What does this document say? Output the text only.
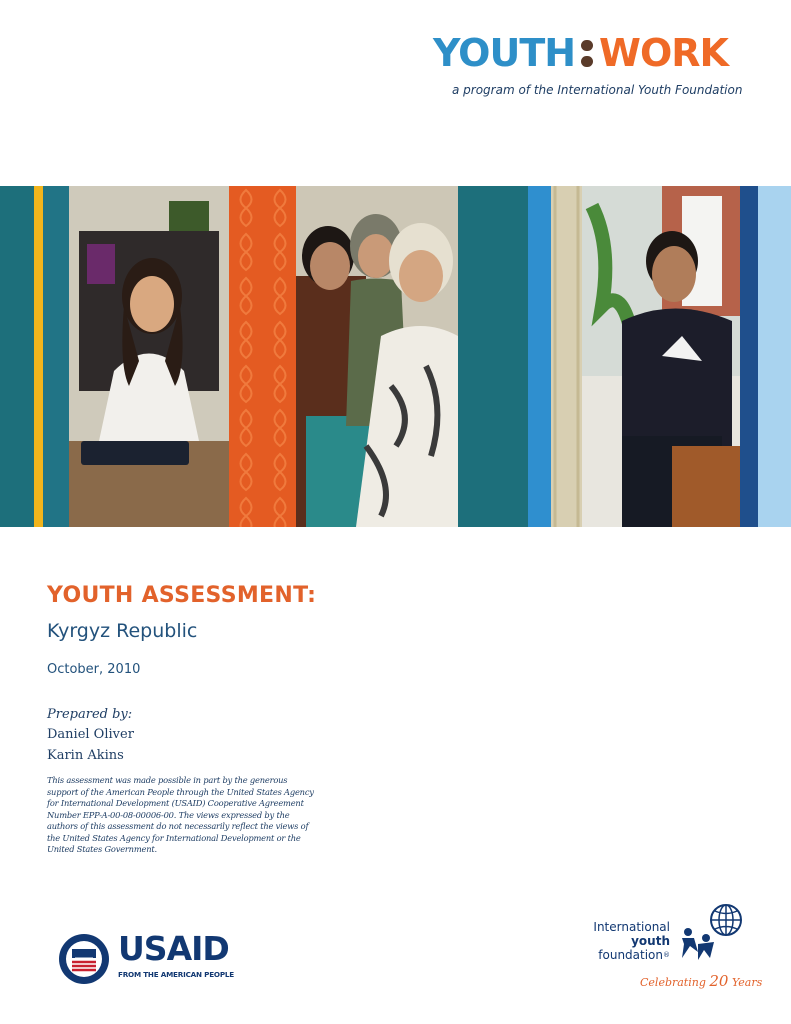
YOUTH WORK
a program of the International Youth Foundation
YOUTH ASSESSMENT:
Kyrgyz Republic
October, 2010
Prepared by:
Daniel Oliver
Karin Akins
This assessment was made possible in part by the generous support of the American People through the United States Agency for International Development (USAID) Cooperative Agreement Number EPP-A-00-08-00006-00. The views expressed by the authors of this assessment do not necessarily reflect the views of the United States Agency for International Development or the United States Government.
USAID
FROM THE AMERICAN PEOPLE
International
youth
foundation®
Celebrating 20 Years
